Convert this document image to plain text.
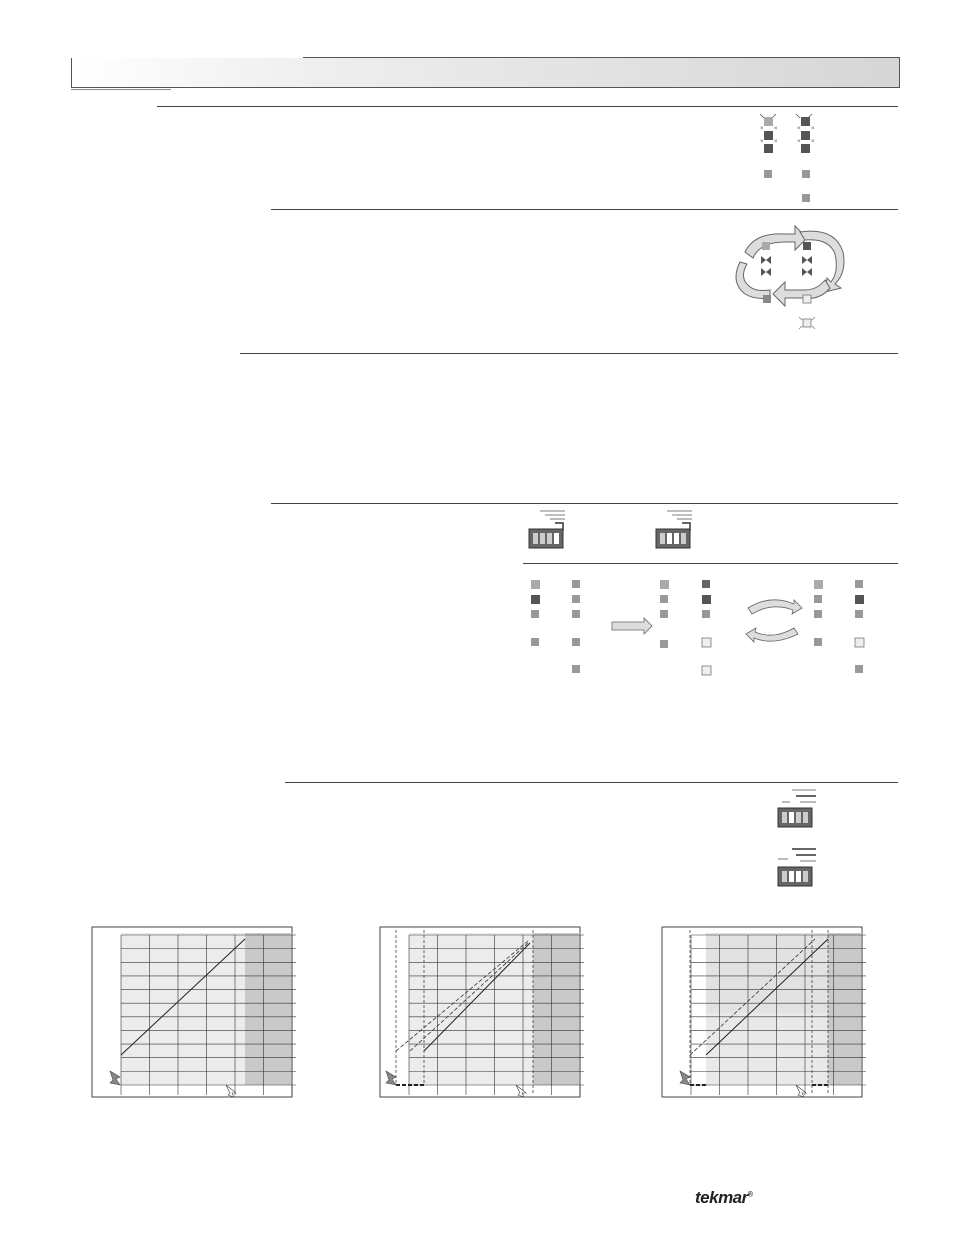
× ×	× ×
× ×	× ×
tekmar®
